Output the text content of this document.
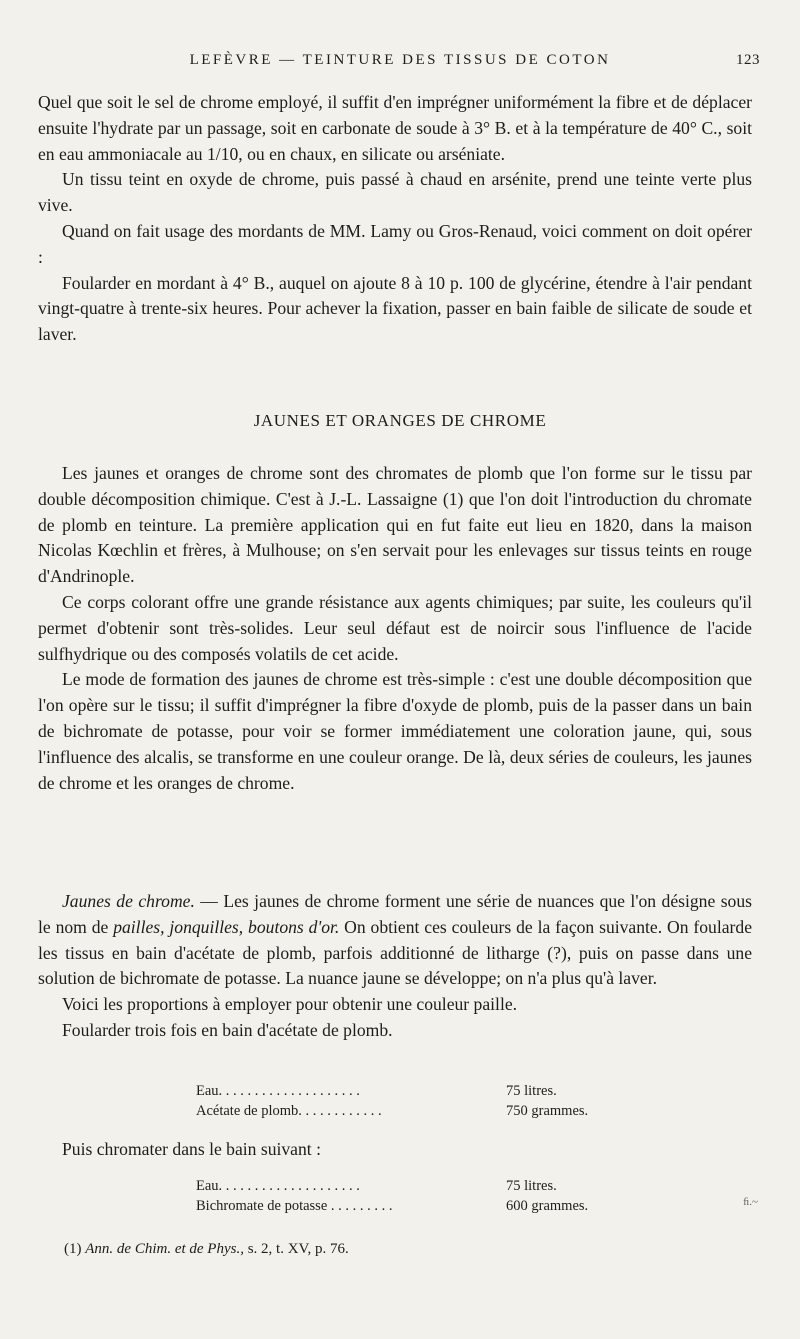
LEFÈVRE — TEINTURE DES TISSUS DE COTON	123

Quel que soit le sel de chrome employé, il suffit d'en imprégner uniformément la fibre et de déplacer ensuite l'hydrate par un passage, soit en carbonate de soude à 3° B. et à la température de 40° C., soit en eau ammoniacale au 1/10, ou en chaux, en silicate ou arséniate.

Un tissu teint en oxyde de chrome, puis passé à chaud en arsénite, prend une teinte verte plus vive.

Quand on fait usage des mordants de MM. Lamy ou Gros-Renaud, voici comment on doit opérer :

Foularder en mordant à 4° B., auquel on ajoute 8 à 10 p. 100 de glycérine, étendre à l'air pendant vingt-quatre à trente-six heures. Pour achever la fixation, passer en bain faible de silicate de soude et laver.

JAUNES ET ORANGES DE CHROME

Les jaunes et oranges de chrome sont des chromates de plomb que l'on forme sur le tissu par double décomposition chimique. C'est à J.-L. Lassaigne (1) que l'on doit l'introduction du chromate de plomb en teinture. La première application qui en fut faite eut lieu en 1820, dans la maison Nicolas Kœchlin et frères, à Mulhouse; on s'en servait pour les enlevages sur tissus teints en rouge d'Andrinople.

Ce corps colorant offre une grande résistance aux agents chimiques; par suite, les couleurs qu'il permet d'obtenir sont très-solides. Leur seul défaut est de noircir sous l'influence de l'acide sulfhydrique ou des composés volatils de cet acide.

Le mode de formation des jaunes de chrome est très-simple : c'est une double décomposition que l'on opère sur le tissu; il suffit d'imprégner la fibre d'oxyde de plomb, puis de la passer dans un bain de bichromate de potasse, pour voir se former immédiatement une coloration jaune, qui, sous l'influence des alcalis, se transforme en une couleur orange. De là, deux séries de couleurs, les jaunes de chrome et les oranges de chrome.

Jaunes de chrome. — Les jaunes de chrome forment une série de nuances que l'on désigne sous le nom de pailles, jonquilles, boutons d'or. On obtient ces couleurs de la façon suivante. On foularde les tissus en bain d'acétate de plomb, parfois additionné de litharge (?), puis on passe dans une solution de bichromate de potasse. La nuance jaune se développe; on n'a plus qu'à laver.

Voici les proportions à employer pour obtenir une couleur paille.

Foularder trois fois en bain d'acétate de plomb.

Eau. . . . . . . . . . . . . . . . . . . .	75 litres.
Acétate de plomb. . . . . . . . . . . .	750 grammes.

Puis chromater dans le bain suivant :

Eau. . . . . . . . . . . . . . . . . . . .	75 litres.
Bichromate de potasse . . . . . . . . .	600 grammes.	ﬁ.~
(1) Ann. de Chim. et de Phys., s. 2, t. XV, p. 76.
